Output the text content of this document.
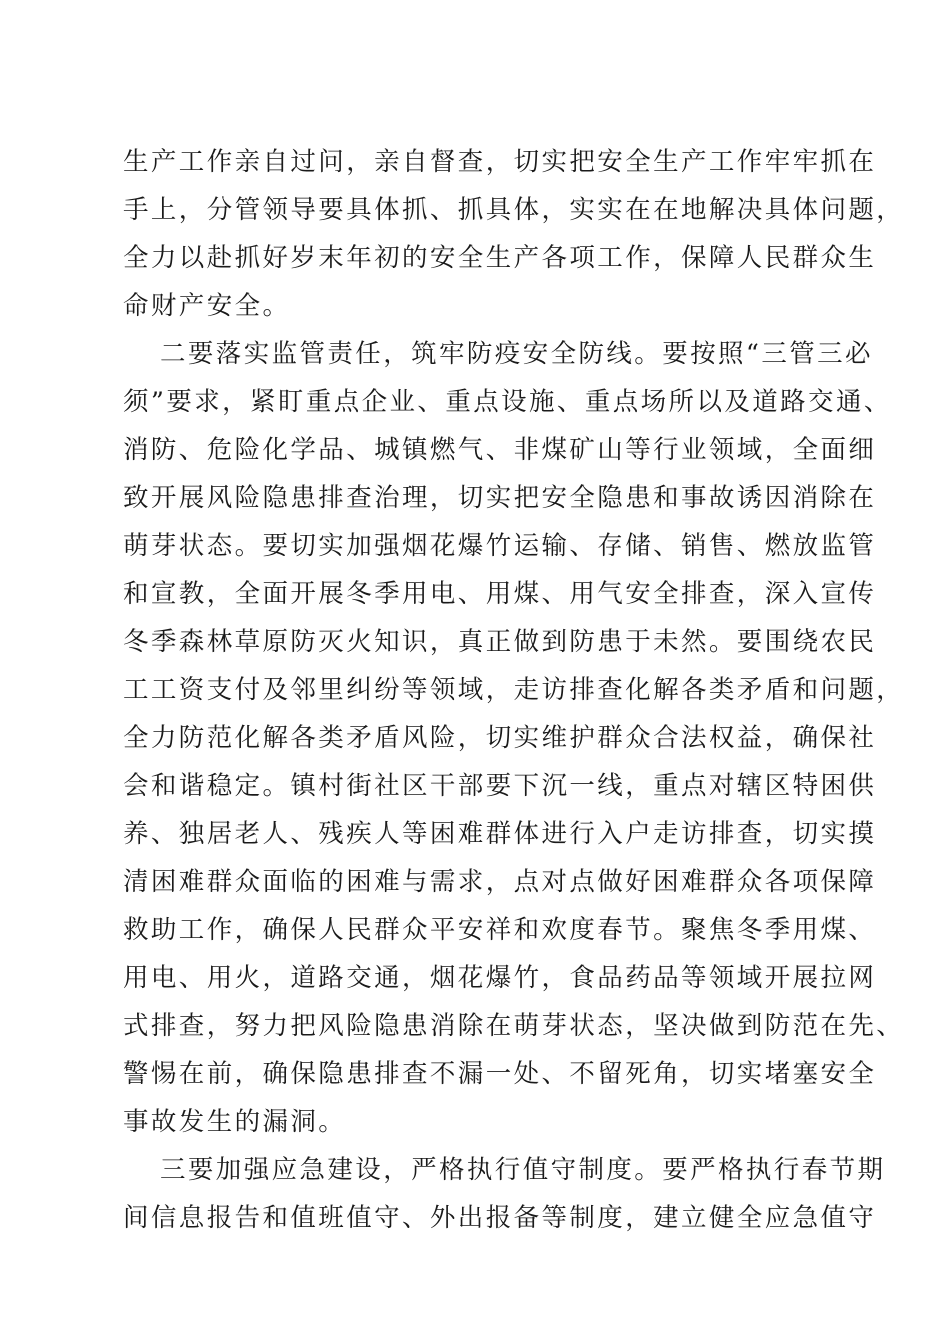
生产工作亲自过问，亲自督查，切实把安全生产工作牢牢抓在

手上，分管领导要具体抓、抓具体，实实在在地解决具体问题，

全力以赴抓好岁末年初的安全生产各项工作，保障人民群众生

命财产安全。

二要落实监管责任，筑牢防疫安全防线。要按照“三管三必

须”要求，紧盯重点企业、重点设施、重点场所以及道路交通、

消防、危险化学品、城镇燃气、非煤矿山等行业领域，全面细

致开展风险隐患排查治理，切实把安全隐患和事故诱因消除在

萌芽状态。要切实加强烟花爆竹运输、存储、销售、燃放监管

和宣教，全面开展冬季用电、用煤、用气安全排查，深入宣传

冬季森林草原防灭火知识，真正做到防患于未然。要围绕农民

工工资支付及邻里纠纷等领域，走访排查化解各类矛盾和问题，

全力防范化解各类矛盾风险，切实维护群众合法权益，确保社

会和谐稳定。镇村街社区干部要下沉一线，重点对辖区特困供

养、独居老人、残疾人等困难群体进行入户走访排查，切实摸

清困难群众面临的困难与需求，点对点做好困难群众各项保障

救助工作，确保人民群众平安祥和欢度春节。聚焦冬季用煤、

用电、用火，道路交通，烟花爆竹，食品药品等领域开展拉网

式排查，努力把风险隐患消除在萌芽状态，坚决做到防范在先、

警惕在前，确保隐患排查不漏一处、不留死角，切实堵塞安全

事故发生的漏洞。

三要加强应急建设，严格执行值守制度。要严格执行春节期

间信息报告和值班值守、外出报备等制度，建立健全应急值守
